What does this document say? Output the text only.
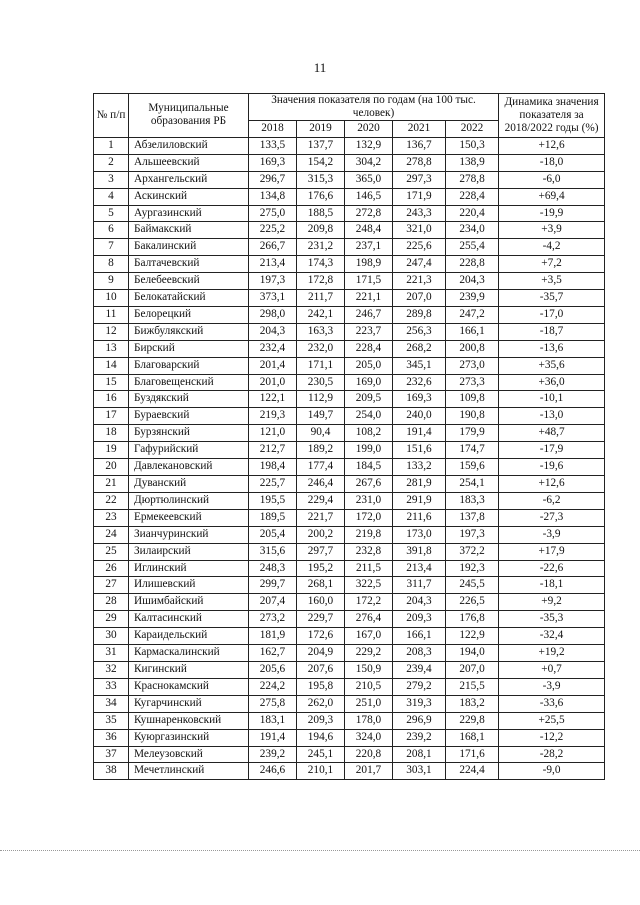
11
№ п/п	Муниципальные образования РБ	Значения показателя по годам (на 100 тыс. человек)					Динамика значения показателя за 2018/2022 годы (%)
		2018	2019	2020	2021	2022	
1	Абзелиловский	133,5	137,7	132,9	136,7	150,3	+12,6
2	Альшеевский	169,3	154,2	304,2	278,8	138,9	-18,0
3	Архангельский	296,7	315,3	365,0	297,3	278,8	-6,0
4	Аскинский	134,8	176,6	146,5	171,9	228,4	+69,4
5	Аургазинский	275,0	188,5	272,8	243,3	220,4	-19,9
6	Баймакский	225,2	209,8	248,4	321,0	234,0	+3,9
7	Бакалинский	266,7	231,2	237,1	225,6	255,4	-4,2
8	Балтачевский	213,4	174,3	198,9	247,4	228,8	+7,2
9	Белебеевский	197,3	172,8	171,5	221,3	204,3	+3,5
10	Белокатайский	373,1	211,7	221,1	207,0	239,9	-35,7
11	Белорецкий	298,0	242,1	246,7	289,8	247,2	-17,0
12	Бижбулякский	204,3	163,3	223,7	256,3	166,1	-18,7
13	Бирский	232,4	232,0	228,4	268,2	200,8	-13,6
14	Благоварский	201,4	171,1	205,0	345,1	273,0	+35,6
15	Благовещенский	201,0	230,5	169,0	232,6	273,3	+36,0
16	Буздякский	122,1	112,9	209,5	169,3	109,8	-10,1
17	Бураевский	219,3	149,7	254,0	240,0	190,8	-13,0
18	Бурзянский	121,0	90,4	108,2	191,4	179,9	+48,7
19	Гафурийский	212,7	189,2	199,0	151,6	174,7	-17,9
20	Давлекановский	198,4	177,4	184,5	133,2	159,6	-19,6
21	Дуванский	225,7	246,4	267,6	281,9	254,1	+12,6
22	Дюртюлинский	195,5	229,4	231,0	291,9	183,3	-6,2
23	Ермекеевский	189,5	221,7	172,0	211,6	137,8	-27,3
24	Зианчуринский	205,4	200,2	219,8	173,0	197,3	-3,9
25	Зилаирский	315,6	297,7	232,8	391,8	372,2	+17,9
26	Иглинский	248,3	195,2	211,5	213,4	192,3	-22,6
27	Илишевский	299,7	268,1	322,5	311,7	245,5	-18,1
28	Ишимбайский	207,4	160,0	172,2	204,3	226,5	+9,2
29	Калтасинский	273,2	229,7	276,4	209,3	176,8	-35,3
30	Караидельский	181,9	172,6	167,0	166,1	122,9	-32,4
31	Кармаскалинский	162,7	204,9	229,2	208,3	194,0	+19,2
32	Кигинский	205,6	207,6	150,9	239,4	207,0	+0,7
33	Краснокамский	224,2	195,8	210,5	279,2	215,5	-3,9
34	Кугарчинский	275,8	262,0	251,0	319,3	183,2	-33,6
35	Кушнаренковский	183,1	209,3	178,0	296,9	229,8	+25,5
36	Куюргазинский	191,4	194,6	324,0	239,2	168,1	-12,2
37	Мелеузовский	239,2	245,1	220,8	208,1	171,6	-28,2
38	Мечетлинский	246,6	210,1	201,7	303,1	224,4	-9,0
